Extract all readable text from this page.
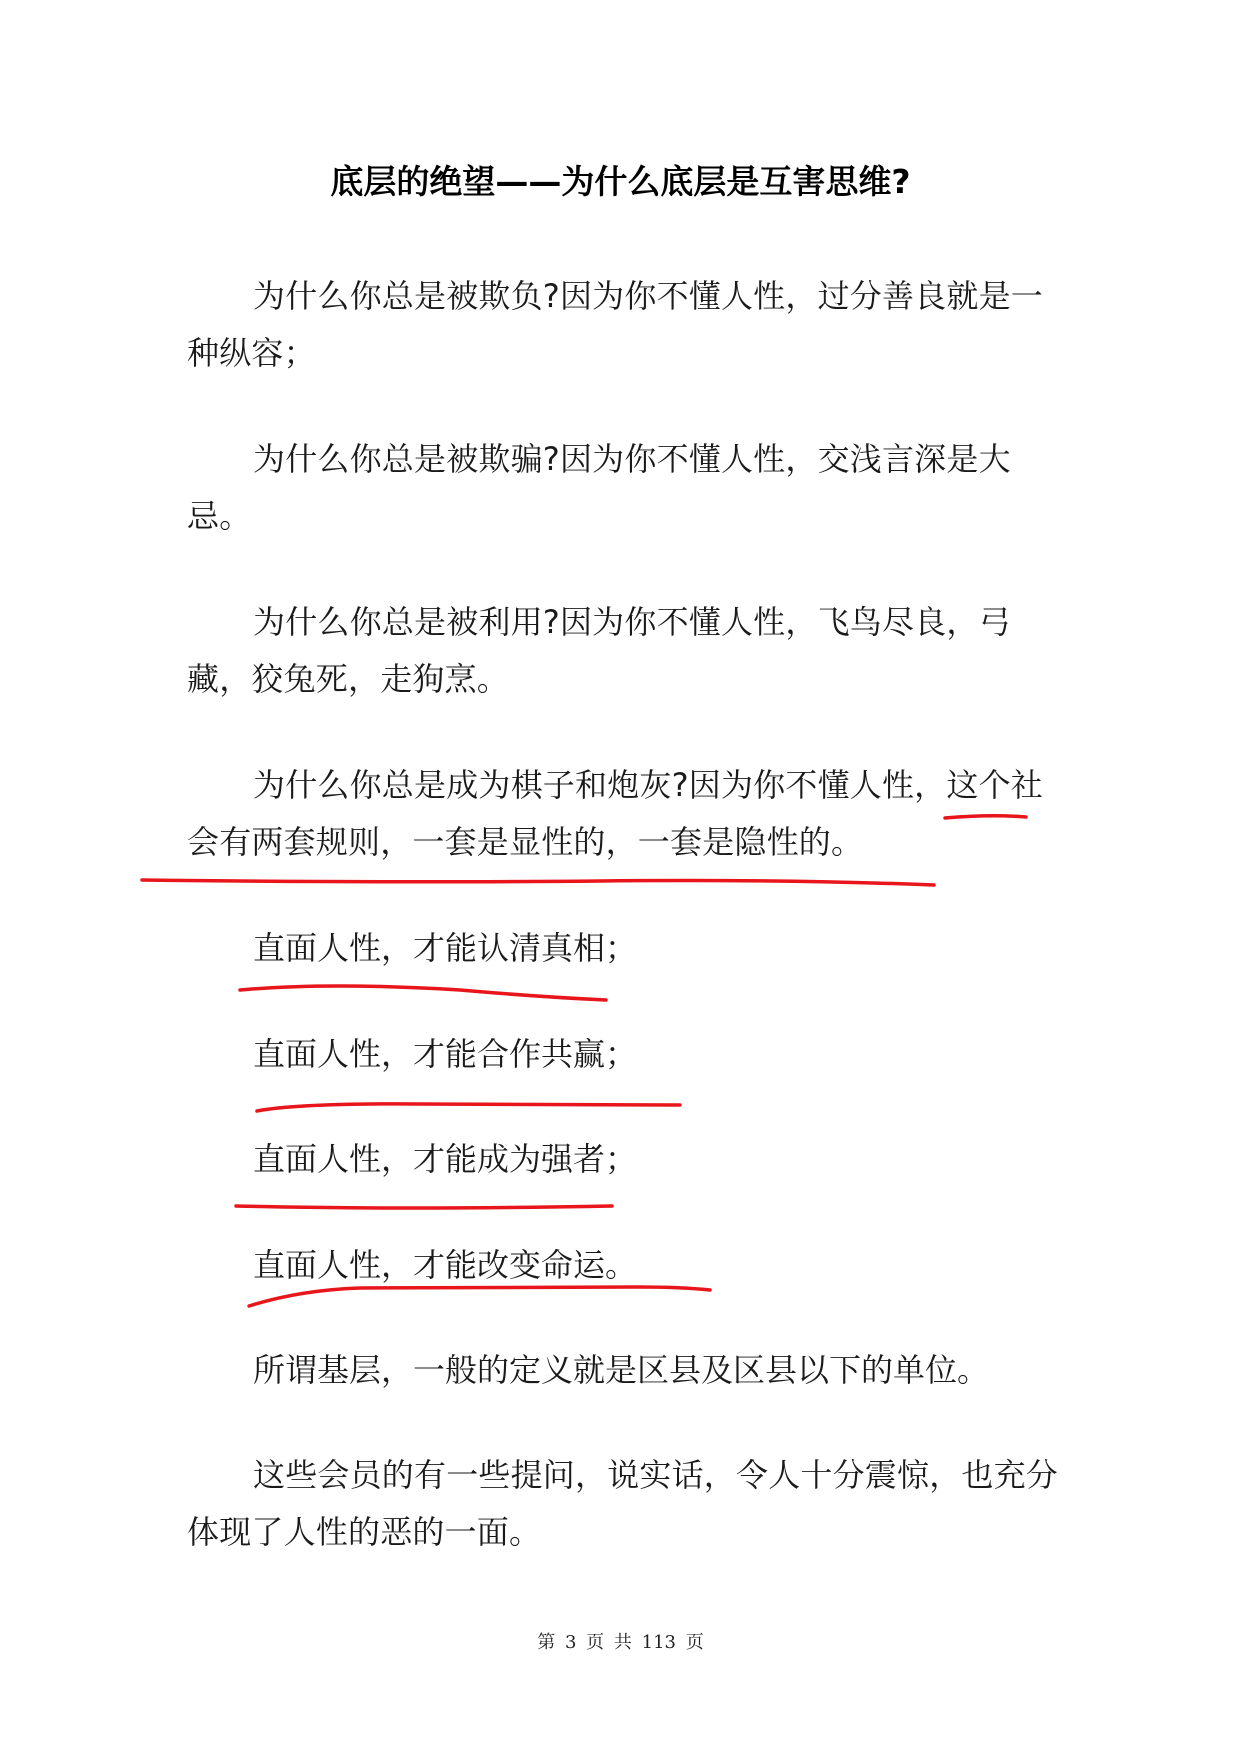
底层的绝望——为什么底层是互害思维?

为什么你总是被欺负?因为你不懂人性，过分善良就是一种纵容；

为什么你总是被欺骗?因为你不懂人性，交浅言深是大忌。

为什么你总是被利用?因为你不懂人性，飞鸟尽良，弓藏，狡兔死，走狗烹。

为什么你总是成为棋子和炮灰?因为你不懂人性，这个社会有两套规则，一套是显性的，一套是隐性的。

直面人性，才能认清真相；

直面人性，才能合作共赢；

直面人性，才能成为强者；

直面人性，才能改变命运。

所谓基层，一般的定义就是区县及区县以下的单位。

这些会员的有一些提问，说实话，令人十分震惊，也充分体现了人性的恶的一面。

第 3 页 共 113 页
